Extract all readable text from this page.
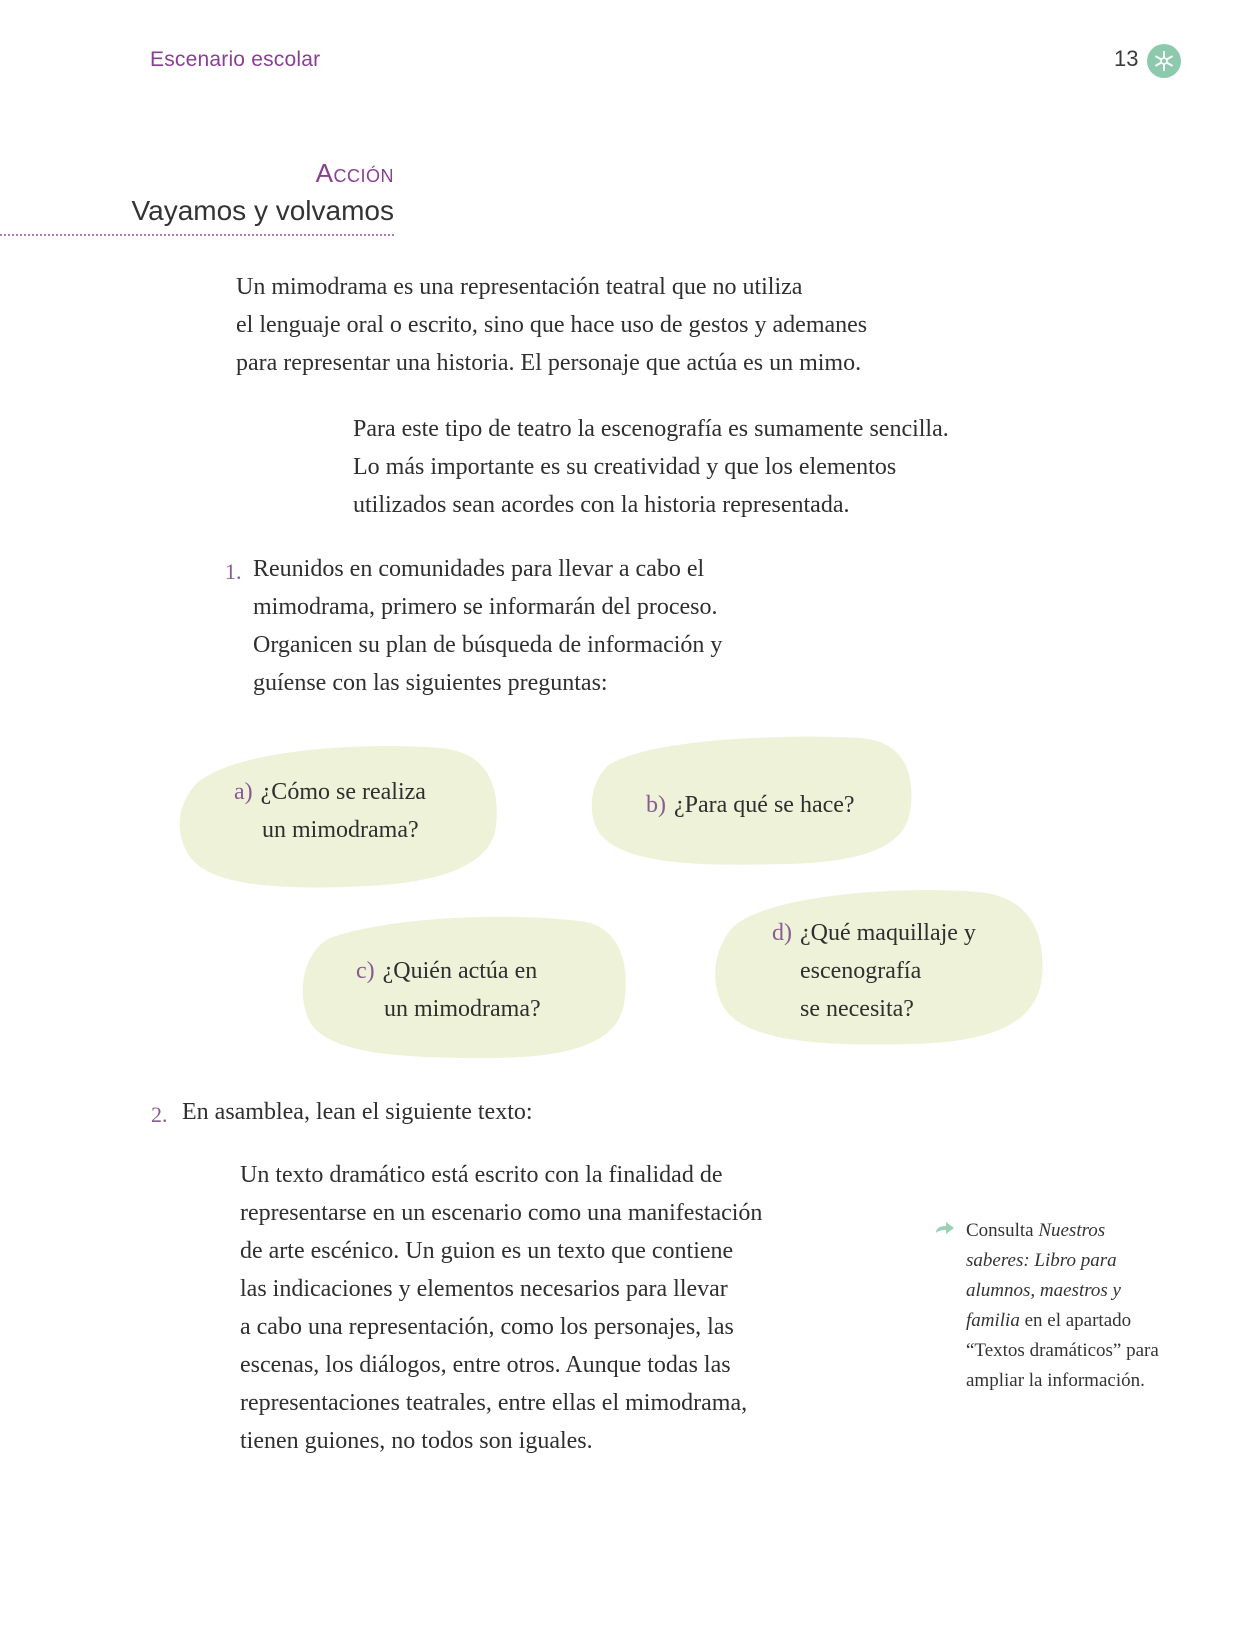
Escenario escolar	13
Acción
Vayamos y volvamos
Un mimodrama es una representación teatral que no utiliza
el lenguaje oral o escrito, sino que hace uso de gestos y ademanes
para representar una historia. El personaje que actúa es un mimo.
Para este tipo de teatro la escenografía es sumamente sencilla.
Lo más importante es su creatividad y que los elementos
utilizados sean acordes con la historia representada.
1. Reunidos en comunidades para llevar a cabo el
mimodrama, primero se informarán del proceso.
Organicen su plan de búsqueda de información y
guíense con las siguientes preguntas:
a) ¿Cómo se realiza
un mimodrama?
b) ¿Para qué se hace?
c) ¿Quién actúa en
un mimodrama?
d) ¿Qué maquillaje y
escenografía
se necesita?
2. En asamblea, lean el siguiente texto:
Un texto dramático está escrito con la finalidad de
representarse en un escenario como una manifestación
de arte escénico. Un guion es un texto que contiene
las indicaciones y elementos necesarios para llevar
a cabo una representación, como los personajes, las
escenas, los diálogos, entre otros. Aunque todas las
representaciones teatrales, entre ellas el mimodrama,
tienen guiones, no todos son iguales.
Consulta Nuestros saberes: Libro para alumnos, maestros y familia en el apartado “Textos dramáticos” para ampliar la información.
